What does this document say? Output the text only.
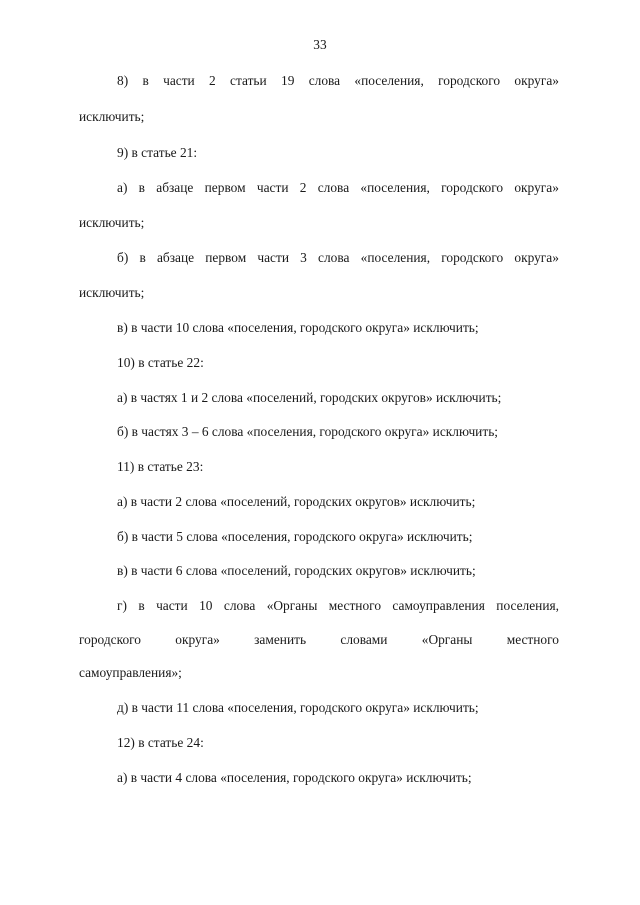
33
8) в части 2 статьи 19 слова «поселения, городского округа»
исключить;
9) в статье 21:
а) в абзаце первом части 2 слова «поселения, городского округа»
исключить;
б) в абзаце первом части 3 слова «поселения, городского округа»
исключить;
в) в части 10 слова «поселения, городского округа» исключить;
10) в статье 22:
а) в частях 1 и 2 слова «поселений, городских округов» исключить;
б) в частях 3 – 6 слова «поселения, городского округа» исключить;
11) в статье 23:
а) в части 2 слова «поселений, городских округов» исключить;
б) в части 5 слова «поселения, городского округа» исключить;
в) в части 6 слова «поселений, городских округов» исключить;
г) в части 10 слова «Органы местного самоуправления поселения,
городского	округа»	заменить	словами	«Органы	местного
самоуправления»;
д) в части 11 слова «поселения, городского округа» исключить;
12) в статье 24:
а) в части 4 слова «поселения, городского округа» исключить;
